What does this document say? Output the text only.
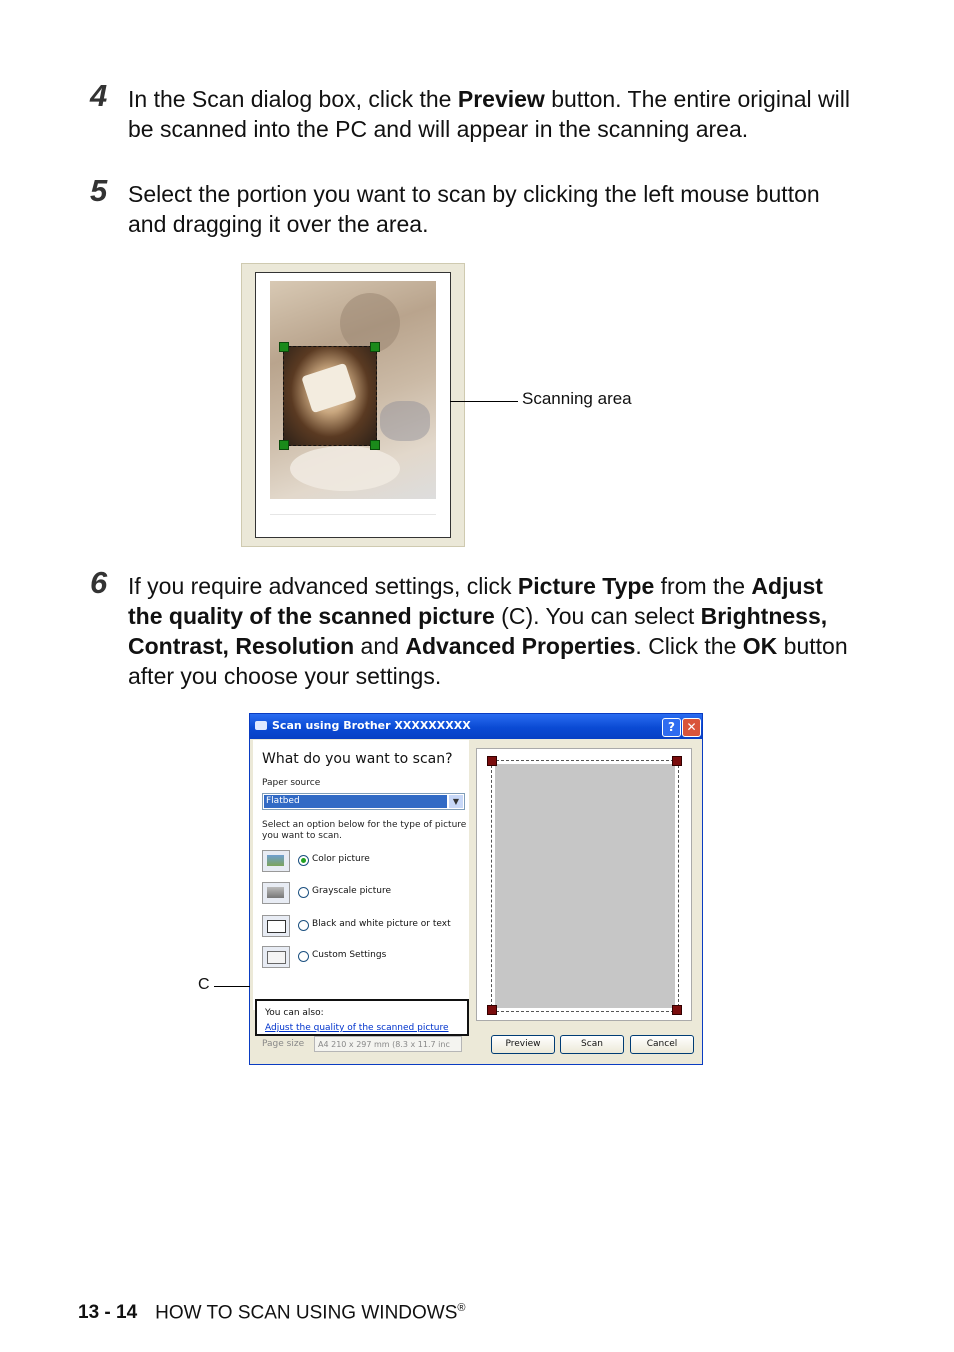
4 In the Scan dialog box, click the Preview button. The entire original will be scanned into the PC and will appear in the scanning area.
5 Select the portion you want to scan by clicking the left mouse button and dragging it over the area.
Scanning area
6 If you require advanced settings, click Picture Type from the Adjust the quality of the scanned picture (C). You can select Brightness, Contrast, Resolution and Advanced Properties. Click the OK button after you choose your settings.
Scan using Brother XXXXXXXXX	? ✕
What do you want to scan?
Paper source
Flatbed	▼
Select an option below for the type of picture you want to scan.
Color picture
Grayscale picture
Black and white picture or text
Custom Settings
You can also:
Adjust the quality of the scanned picture
Page size	A4 210 x 297 mm (8.3 x 11.7 inc	Preview	Scan	Cancel
C
13 - 14 HOW TO SCAN USING WINDOWS®
